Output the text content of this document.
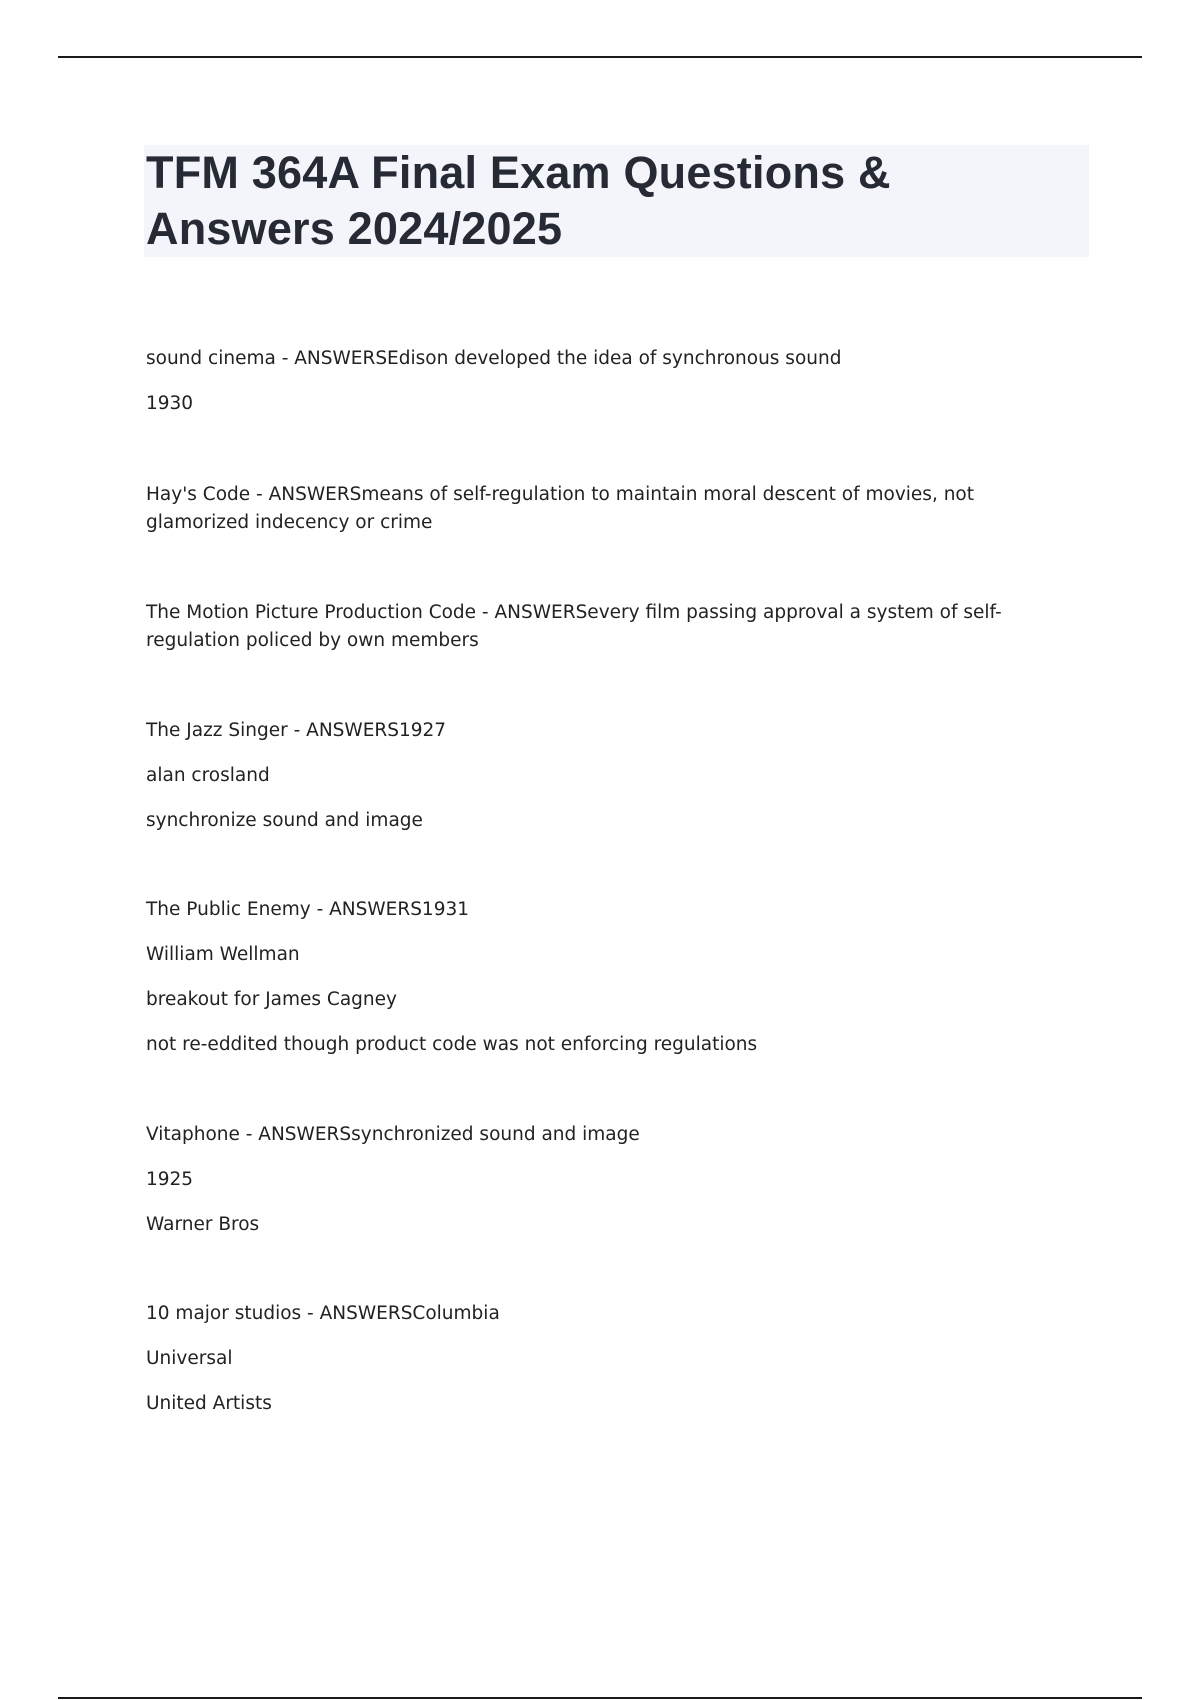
TFM 364A Final Exam Questions & Answers 2024/2025

sound cinema - ANSWERSEdison developed the idea of synchronous sound

1930

Hay's Code - ANSWERSmeans of self-regulation to maintain moral descent of movies, not glamorized indecency or crime

The Motion Picture Production Code - ANSWERSevery film passing approval a system of self-regulation policed by own members

The Jazz Singer - ANSWERS1927

alan crosland

synchronize sound and image

The Public Enemy - ANSWERS1931

William Wellman

breakout for James Cagney

not re-eddited though product code was not enforcing regulations

Vitaphone - ANSWERSsynchronized sound and image

1925

Warner Bros

10 major studios - ANSWERSColumbia

Universal

United Artists
